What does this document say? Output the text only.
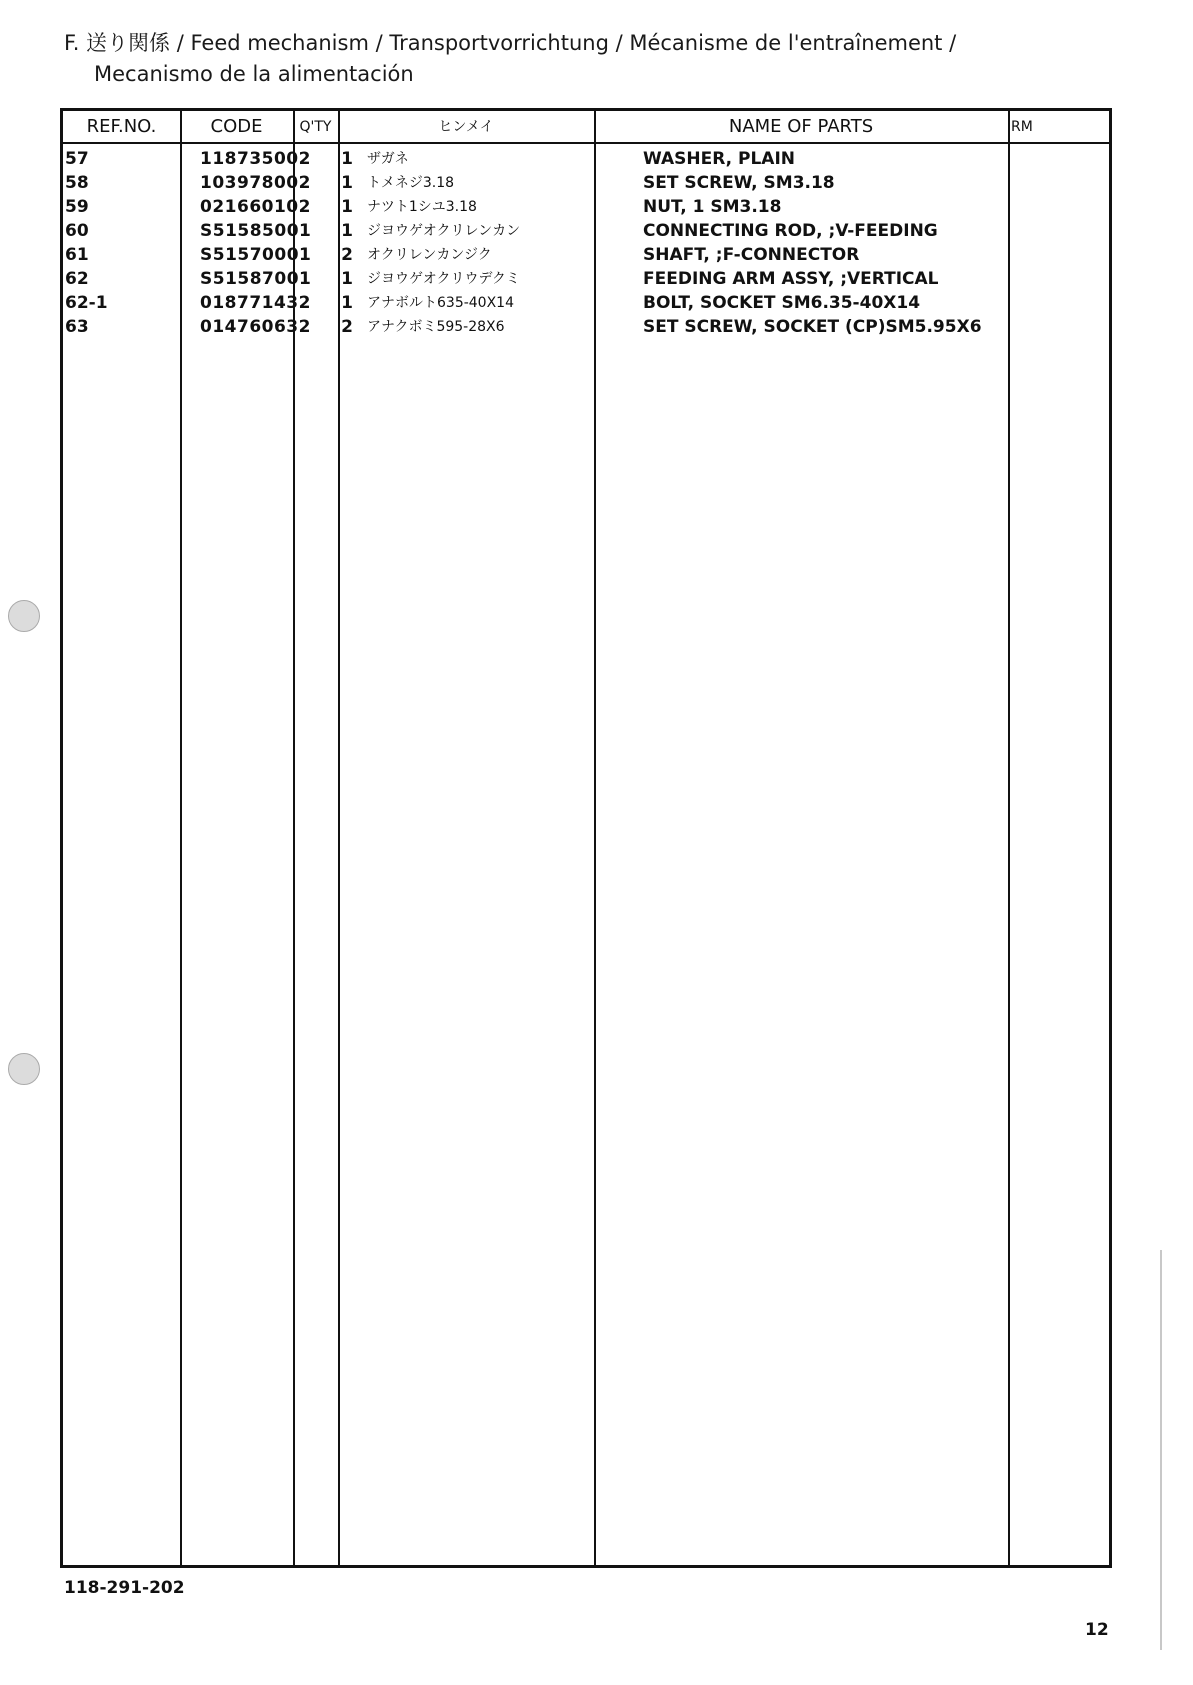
F. 送り関係 / Feed mechanism / Transportvorrichtung / Mécanisme de l'entraînement /
Mecanismo de la alimentación
REF.NO.	CODE	Q'TY	ヒンメイ	NAME OF PARTS	RM
57	118735002	1 ザガネ	WASHER, PLAIN
58	103978002	1 トメネジ3.18	SET SCREW, SM3.18
59	021660102	1 ナツト1シユ3.18	NUT, 1 SM3.18
60	S51585001	1 ジヨウゲオクリレンカン	CONNECTING ROD, ;V-FEEDING
61	S51570001	2 オクリレンカンジク	SHAFT, ;F-CONNECTOR
62	S51587001	1 ジヨウゲオクリウデクミ	FEEDING ARM ASSY, ;VERTICAL
62-1	018771432	1 アナボルト635-40X14	BOLT, SOCKET SM6.35-40X14
63	014760632	2 アナクボミ595-28X6	SET SCREW, SOCKET (CP)SM5.95X6
118-291-202
12
